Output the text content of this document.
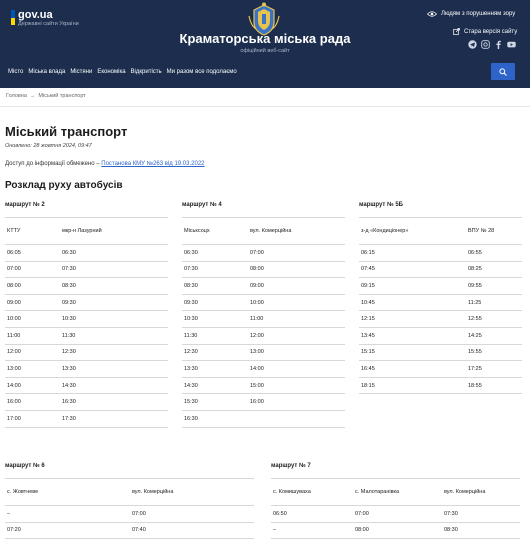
gov.ua
Державні сайти України
Краматорська міська рада
офіційний веб-сайт
Людям з порушенням зору
Стара версія сайту
Місто Міська влада Містяни Економіка Відкритість Ми разом все подолаємо
Головна → Міський транспорт
Міський транспорт
Оновлено: 28 жовтня 2024, 09:47
Доступ до інформації обмежено – Постанова КМУ №263 від 19.03.2022
Розклад руху автобусів
маршрут № 2
КТТУ	мкр-н Лазурний
06:05	06:30
07:00	07:30
08:00	08:30
09:00	09:30
10:00	10:30
11:00	11:30
12:00	12:30
13:00	13:30
14:00	14:30
16:00	16:30
17:00	17:30
маршрут № 4
Міськсоцх	вул. Комерційна
06:30	07:00
07:30	08:00
08:30	09:00
09:30	10:00
10:30	11:00
11:30	12:00
12:30	13:00
13:30	14:00
14:30	15:00
15:30	16:00
16:30
маршрут № 5Б
з-д «Кондиціонер»	ВПУ № 28
06:15	06:55
07:45	08:25
09:15	09:55
10:45	11:25
12:15	12:55
13:45	14:25
15:15	15:55
16:45	17:25
18:15	18:55
маршрут № 6
с. Жовтневе	вул. Комерційна
–	07:00
07:20	07:40
маршрут № 7
с. Комишуваха	с. Малотаранівка	вул. Комерційна
06:50	07:00	07:30
–	08:00	08:30
